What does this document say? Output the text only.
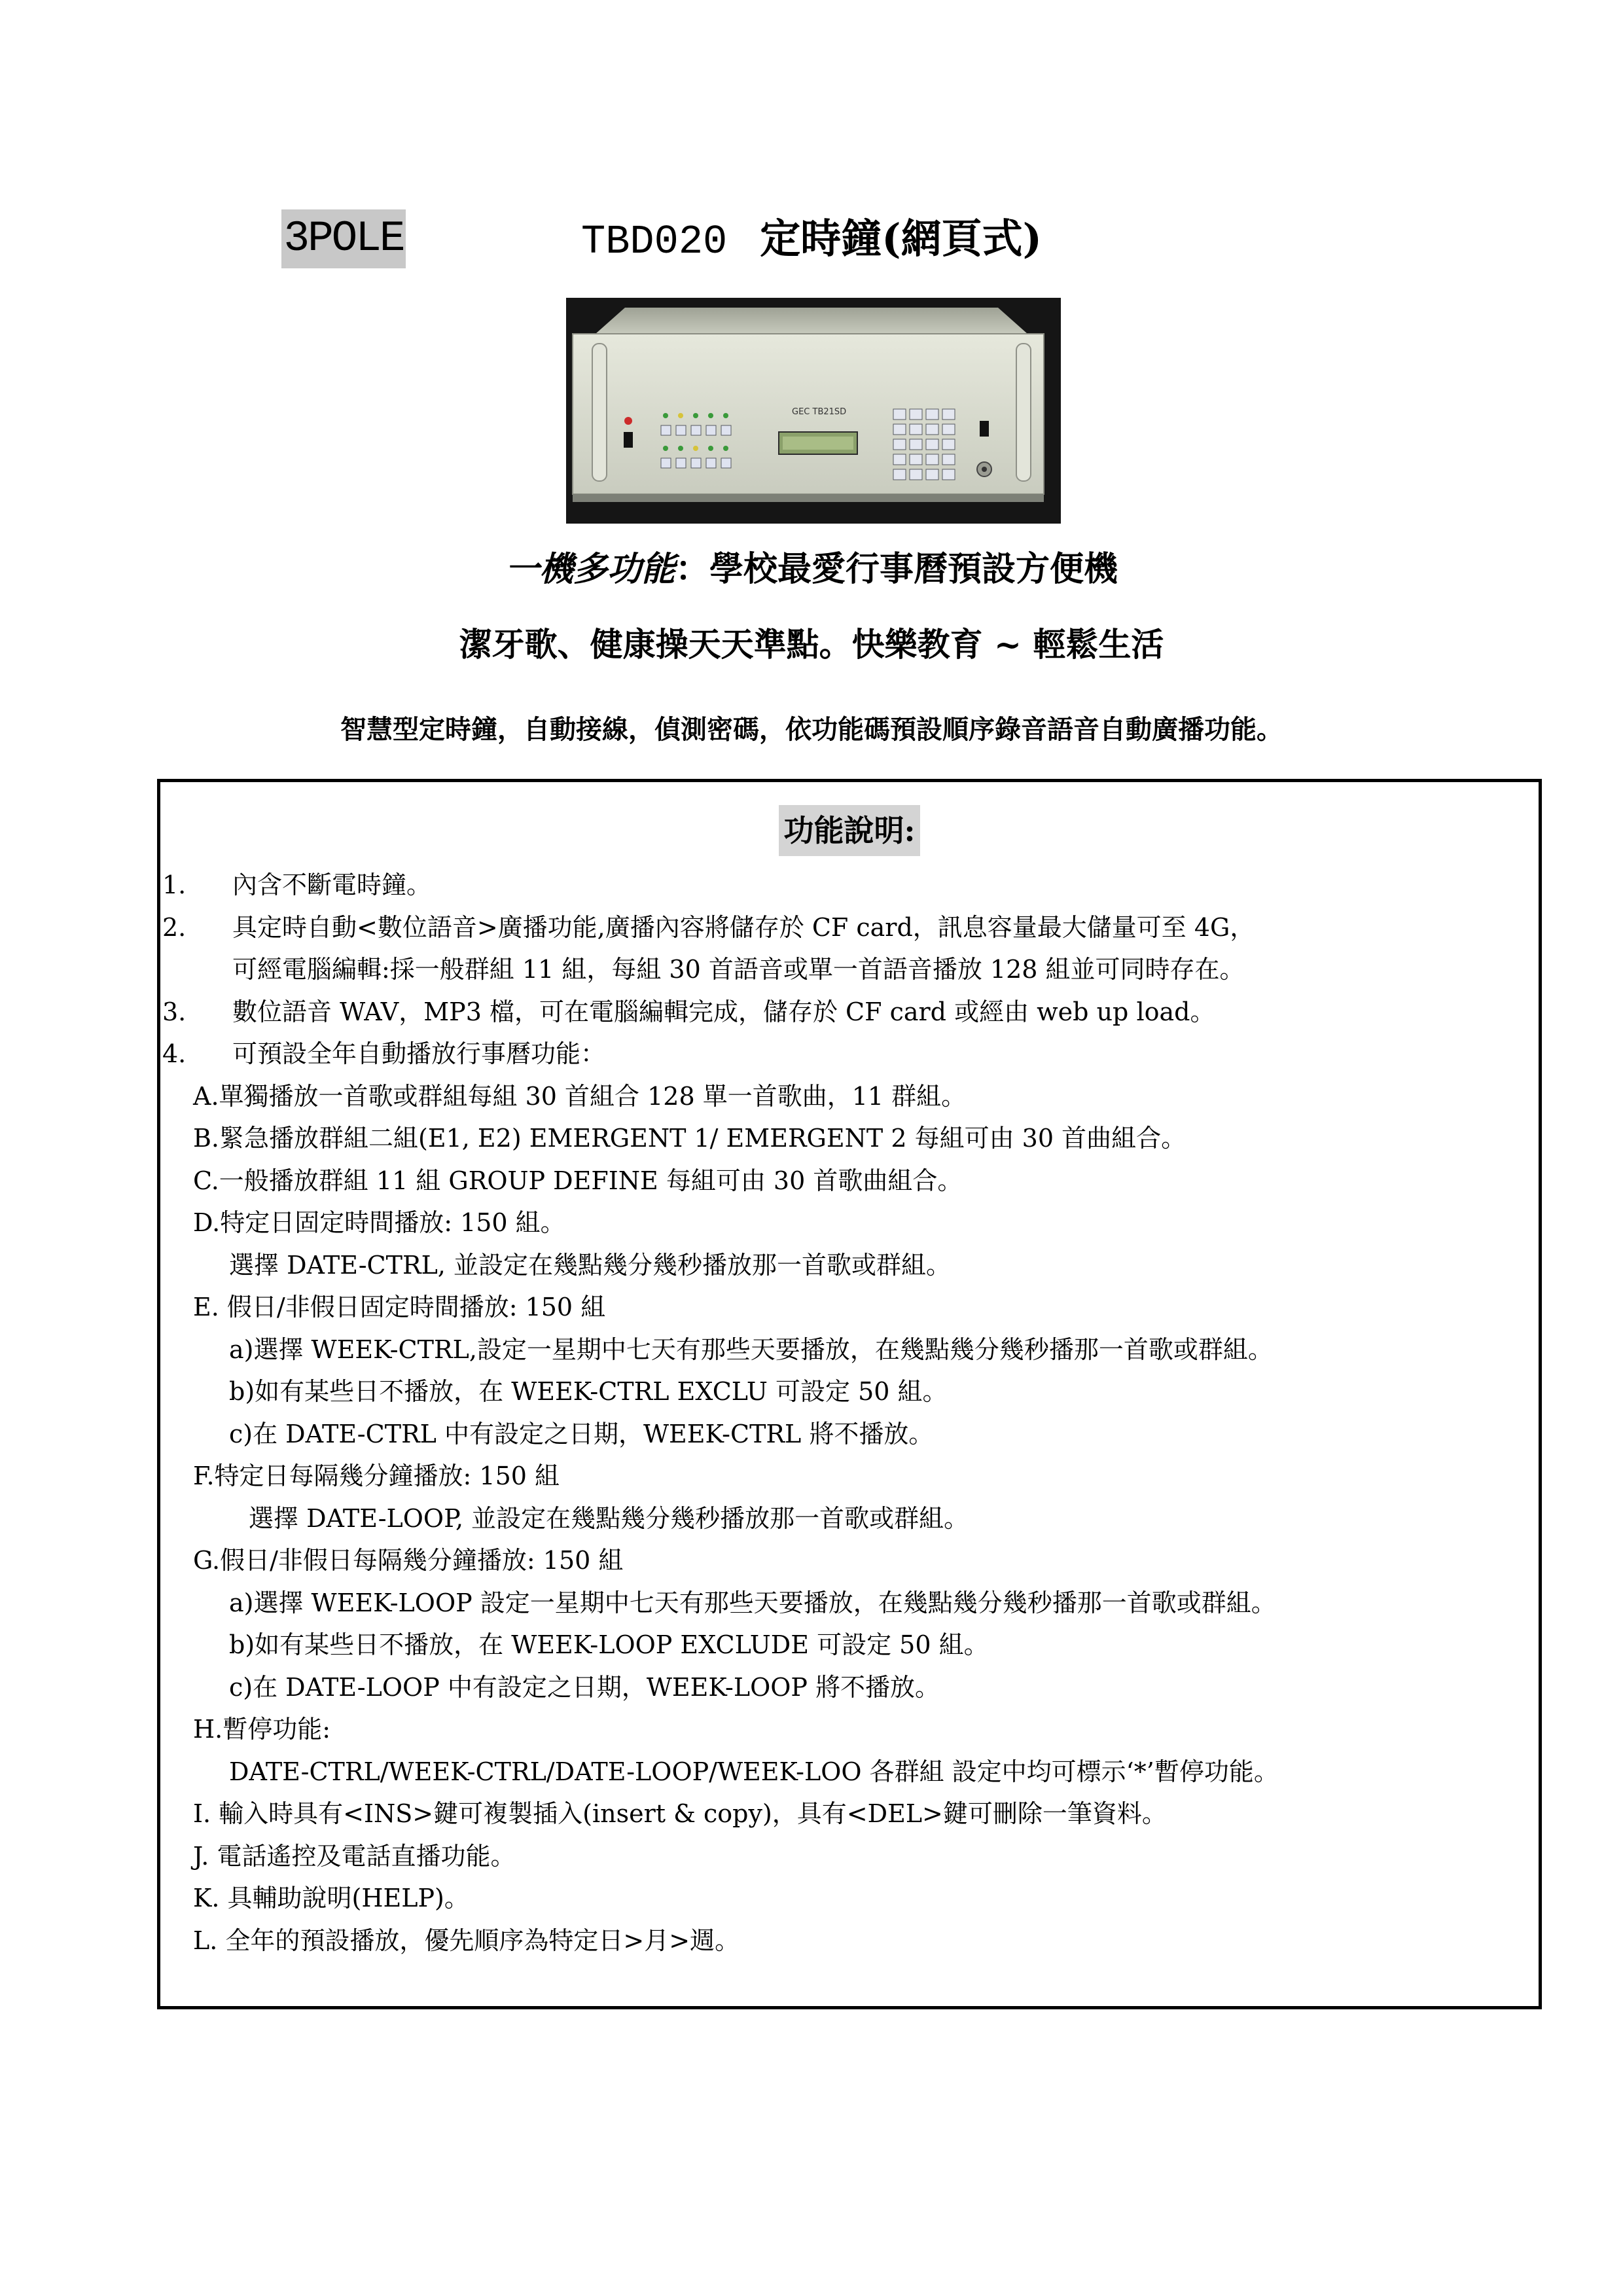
3POLE	TBD020 定時鐘(網頁式)
GEC TB21SD
一機多功能：學校最愛行事曆預設方便機
潔牙歌、健康操天天準點。快樂教育 ~ 輕鬆生活
智慧型定時鐘，自動接線，偵測密碼，依功能碼預設順序錄音語音自動廣播功能。
功能說明:
1.	內含不斷電時鐘。
2.	具定時自動<數位語音>廣播功能,廣播內容將儲存於 CF card，訊息容量最大儲量可至 4G，
可經電腦編輯:採一般群組 11 組，每組 30 首語音或單一首語音播放 128 組並可同時存在。
3.	數位語音 WAV，MP3 檔，可在電腦編輯完成，儲存於 CF card 或經由 web up load。
4.	可預設全年自動播放行事曆功能：
A.單獨播放一首歌或群組每組 30 首組合 128 單一首歌曲，11 群組。
B.緊急播放群組二組(E1, E2) EMERGENT 1/ EMERGENT 2 每組可由 30 首曲組合。
C.一般播放群組 11 組 GROUP DEFINE 每組可由 30 首歌曲組合。
D.特定日固定時間播放: 150 組。
選擇 DATE-CTRL, 並設定在幾點幾分幾秒播放那一首歌或群組。
E. 假日/非假日固定時間播放: 150 組
a)選擇 WEEK-CTRL,設定一星期中七天有那些天要播放，在幾點幾分幾秒播那一首歌或群組。
b)如有某些日不播放，在 WEEK-CTRL EXCLU 可設定 50 組。
c)在 DATE-CTRL 中有設定之日期，WEEK-CTRL 將不播放。
F.特定日每隔幾分鐘播放: 150 組
選擇 DATE-LOOP, 並設定在幾點幾分幾秒播放那一首歌或群組。
G.假日/非假日每隔幾分鐘播放: 150 組
a)選擇 WEEK-LOOP 設定一星期中七天有那些天要播放，在幾點幾分幾秒播那一首歌或群組。
b)如有某些日不播放，在 WEEK-LOOP EXCLUDE 可設定 50 組。
c)在 DATE-LOOP 中有設定之日期，WEEK-LOOP 將不播放。
H.暫停功能:
DATE-CTRL/WEEK-CTRL/DATE-LOOP/WEEK-LOO 各群組 設定中均可標示‘*’暫停功能。
I. 輸入時具有<INS>鍵可複製插入(insert & copy)，具有<DEL>鍵可刪除一筆資料。
J. 電話遙控及電話直播功能。
K. 具輔助說明(HELP)。
L. 全年的預設播放，優先順序為特定日>月>週。
